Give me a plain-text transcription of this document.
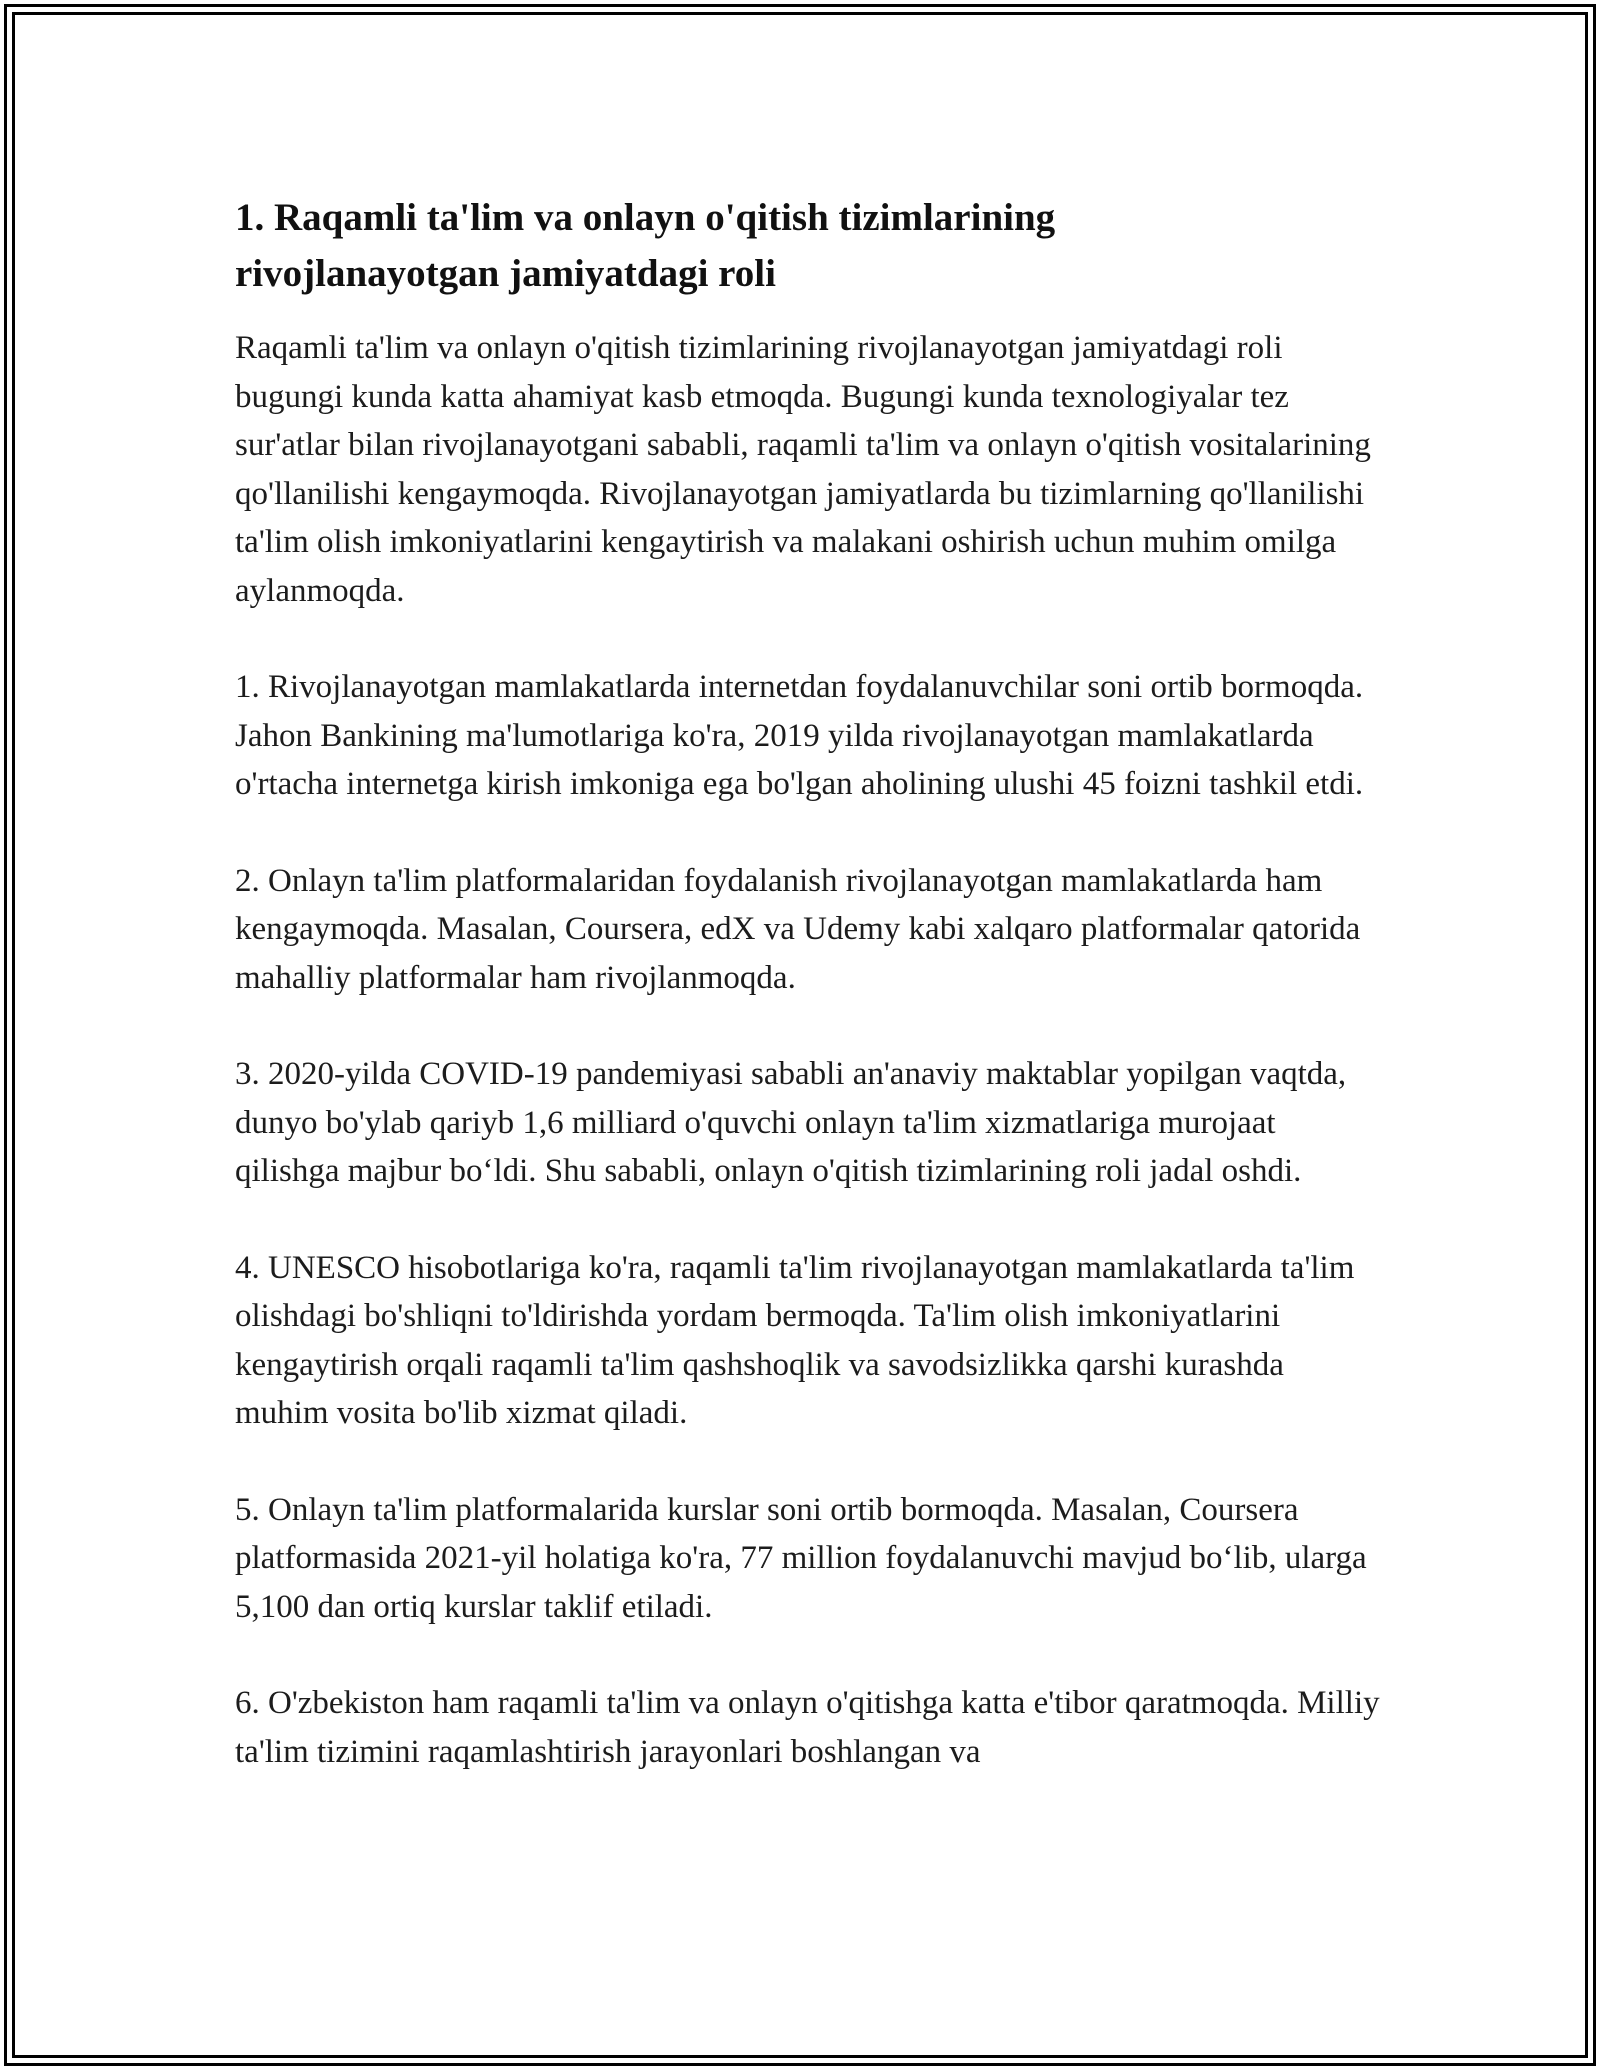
1. Raqamli ta'lim va onlayn o'qitish tizimlarining rivojlanayotgan jamiyatdagi roli

Raqamli ta'lim va onlayn o'qitish tizimlarining rivojlanayotgan jamiyatdagi roli bugungi kunda katta ahamiyat kasb etmoqda. Bugungi kunda texnologiyalar tez sur'atlar bilan rivojlanayotgani sababli, raqamli ta'lim va onlayn o'qitish vositalarining qo'llanilishi kengaymoqda. Rivojlanayotgan jamiyatlarda bu tizimlarning qo'llanilishi ta'lim olish imkoniyatlarini kengaytirish va malakani oshirish uchun muhim omilga aylanmoqda.

1. Rivojlanayotgan mamlakatlarda internetdan foydalanuvchilar soni ortib bormoqda. Jahon Bankining ma'lumotlariga ko'ra, 2019 yilda rivojlanayotgan mamlakatlarda o'rtacha internetga kirish imkoniga ega bo'lgan aholining ulushi 45 foizni tashkil etdi.

2. Onlayn ta'lim platformalaridan foydalanish rivojlanayotgan mamlakatlarda ham kengaymoqda. Masalan, Coursera, edX va Udemy kabi xalqaro platformalar qatorida mahalliy platformalar ham rivojlanmoqda.

3. 2020-yilda COVID-19 pandemiyasi sababli an'anaviy maktablar yopilgan vaqtda, dunyo bo'ylab qariyb 1,6 milliard o'quvchi onlayn ta'lim xizmatlariga murojaat qilishga majbur bo‘ldi. Shu sababli, onlayn o'qitish tizimlarining roli jadal oshdi.

4. UNESCO hisobotlariga ko'ra, raqamli ta'lim rivojlanayotgan mamlakatlarda ta'lim olishdagi bo'shliqni to'ldirishda yordam bermoqda. Ta'lim olish imkoniyatlarini kengaytirish orqali raqamli ta'lim qashshoqlik va savodsizlikka qarshi kurashda muhim vosita bo'lib xizmat qiladi.

5. Onlayn ta'lim platformalarida kurslar soni ortib bormoqda. Masalan, Coursera platformasida 2021-yil holatiga ko'ra, 77 million foydalanuvchi mavjud bo‘lib, ularga 5,100 dan ortiq kurslar taklif etiladi.

6. O'zbekiston ham raqamli ta'lim va onlayn o'qitishga katta e'tibor qaratmoqda. Milliy ta'lim tizimini raqamlashtirish jarayonlari boshlangan va
